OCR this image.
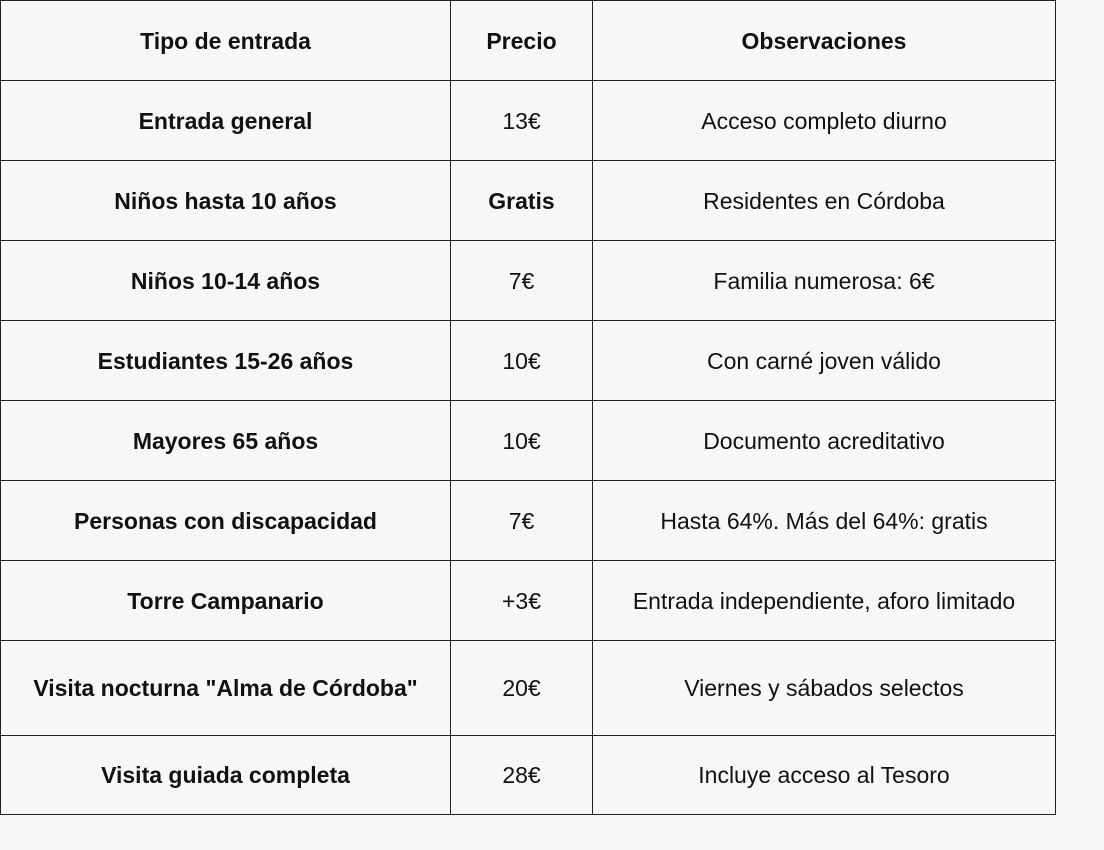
Tipo de entrada	Precio	Observaciones
Entrada general	13€	Acceso completo diurno
Niños hasta 10 años	Gratis	Residentes en Córdoba
Niños 10-14 años	7€	Familia numerosa: 6€
Estudiantes 15-26 años	10€	Con carné joven válido
Mayores 65 años	10€	Documento acreditativo
Personas con discapacidad	7€	Hasta 64%. Más del 64%: gratis
Torre Campanario	+3€	Entrada independiente, aforo limitado
Visita nocturna "Alma de Córdoba"	20€	Viernes y sábados selectos
Visita guiada completa	28€	Incluye acceso al Tesoro
